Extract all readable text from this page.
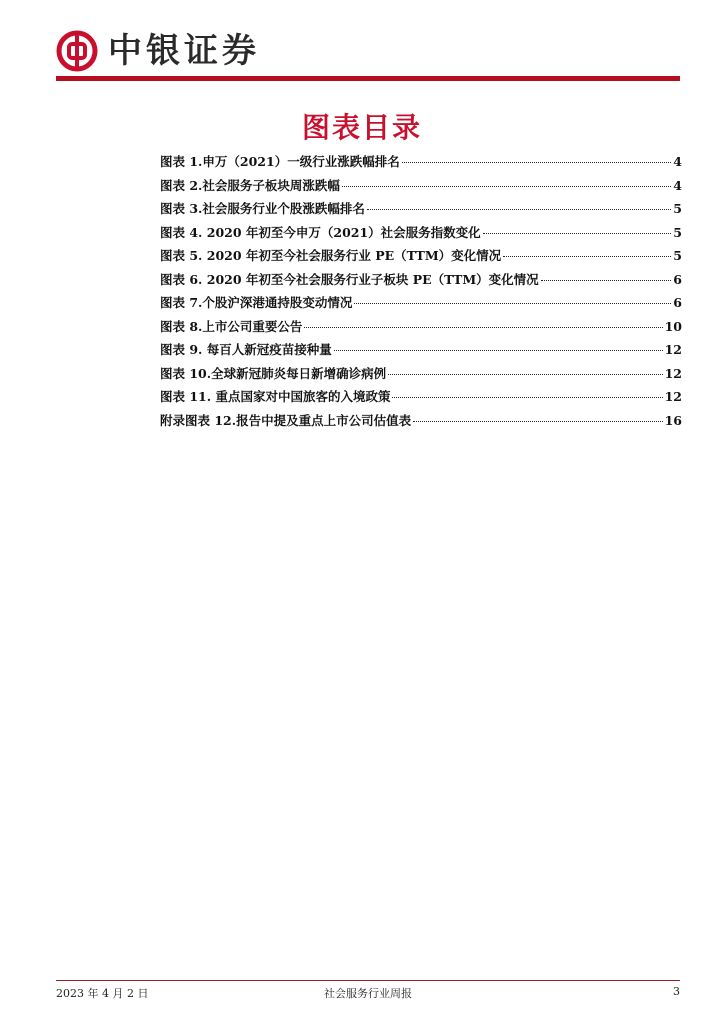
中银证券
图表目录
图表 1.申万（2021）一级行业涨跌幅排名	4
图表 2.社会服务子板块周涨跌幅	4
图表 3.社会服务行业个股涨跌幅排名	5
图表 4. 2020 年初至今申万（2021）社会服务指数变化	5
图表 5. 2020 年初至今社会服务行业 PE（TTM）变化情况	5
图表 6. 2020 年初至今社会服务行业子板块 PE（TTM）变化情况	6
图表 7.个股沪深港通持股变动情况	6
图表 8.上市公司重要公告	10
图表 9. 每百人新冠疫苗接种量	12
图表 10.全球新冠肺炎每日新增确诊病例	12
图表 11. 重点国家对中国旅客的入境政策	12
附录图表 12.报告中提及重点上市公司估值表	16
2023 年 4 月 2 日	社会服务行业周报	3
